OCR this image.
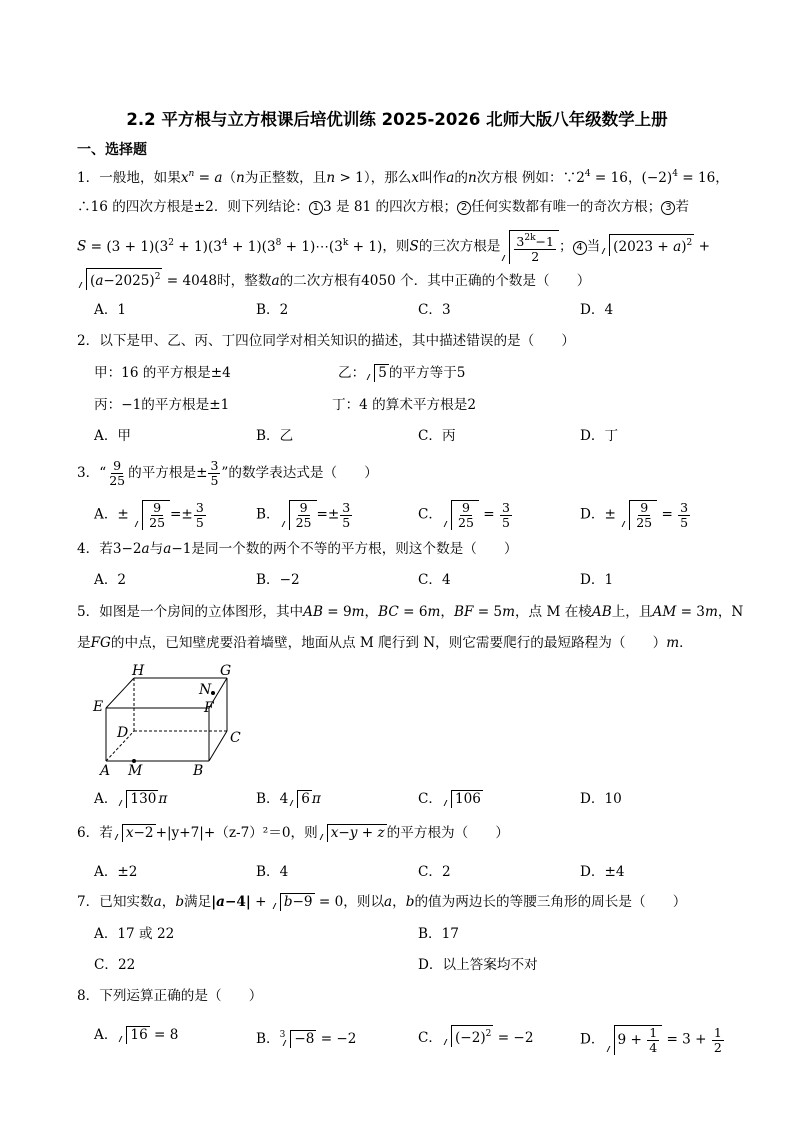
2.2 平方根与立方根课后培优训练 2025-2026 北师大版八年级数学上册
一、选择题
1．一般地，如果$x^n = a(n$为正整数，且n > 1），那么x叫作a的n次方根 例如：$\because 2^4 = 16$，$(-2)^4 = 16$，
∴16 的四次方根是±2．则下列结论： 1 3 是 81 的四次方根； 2 任何实数都有唯一的奇次方根； 3 若
$S = (3 + 1)(3^2 + 1)(3^4 + 1)(3^8$ + $1)\cdots(3^k + 1)$，则S的三次方根是 $\frac{3^{2k}-1}{2}$ ； 4 当 $(2023 + a)^2$ +
$(a-2025)^2 = 4048$时，整数a的二次方根有4050 个．其中正确的个数是（　　）
A．1	B．2	C．3	D．4
2．以下是甲、乙、丙、丁四位同学对相关知识的描述，其中描述错误的是（　　）
甲：16 的平方根是±4	乙： 5 的平方等于5
丙：−1的平方根是±1	丁：4 的算术平方根是2
A．甲	B．乙	C．丙	D．丁
3．“ $\frac{9}{25}$ 的平方根是± $\frac{3}{5}$ ”的数学表达式是（　　）
A．± $\frac{9}{25} =\pm \frac{3}{5}$	B． $\frac{9}{25} =\pm \frac{3}{5}$	C． $\frac{9}{25} = \frac{3}{5}$	D．± $\frac{9}{25} = \frac{3}{5}$
4．若3−2a与a−1是同一个数的两个不等的平方根，则这个数是（　　）
A．2	B．−2	C．4	D．1
5．如图是一个房间的立体图形，其中AB = 9m，BC = 6m，BF = 5m，点 M 在棱AB上，且AM = 3m，N
是FG的中点，已知壁虎要沿着墙壁，地面从点 M 爬行到 N，则它需要爬行的最短路程为（　　）m．
H	G
N
E	F
D	C
A M	B
A． 130 π	B．4 6 π	C． 106	D．10
6．若 x−2 +|y+7|+（z-7）²＝0，则 x−y + z 的平方根为（　　）
A．±2	B．4	C．2	D．±4
7．已知实数a，b满足|a−4| + b−9 = 0，则以a，b的值为两边长的等腰三角形的周长是（　　）
A．17 或 22	B．17
C．22	D．以上答案均不对
8．下列运算正确的是（　　）
A． 16 = 8	B．$^3$ −8 = −2	C． $(-2)^2 = -2$	D． $9 + \frac{1}{4} = 3 + \frac{1}{2}$
